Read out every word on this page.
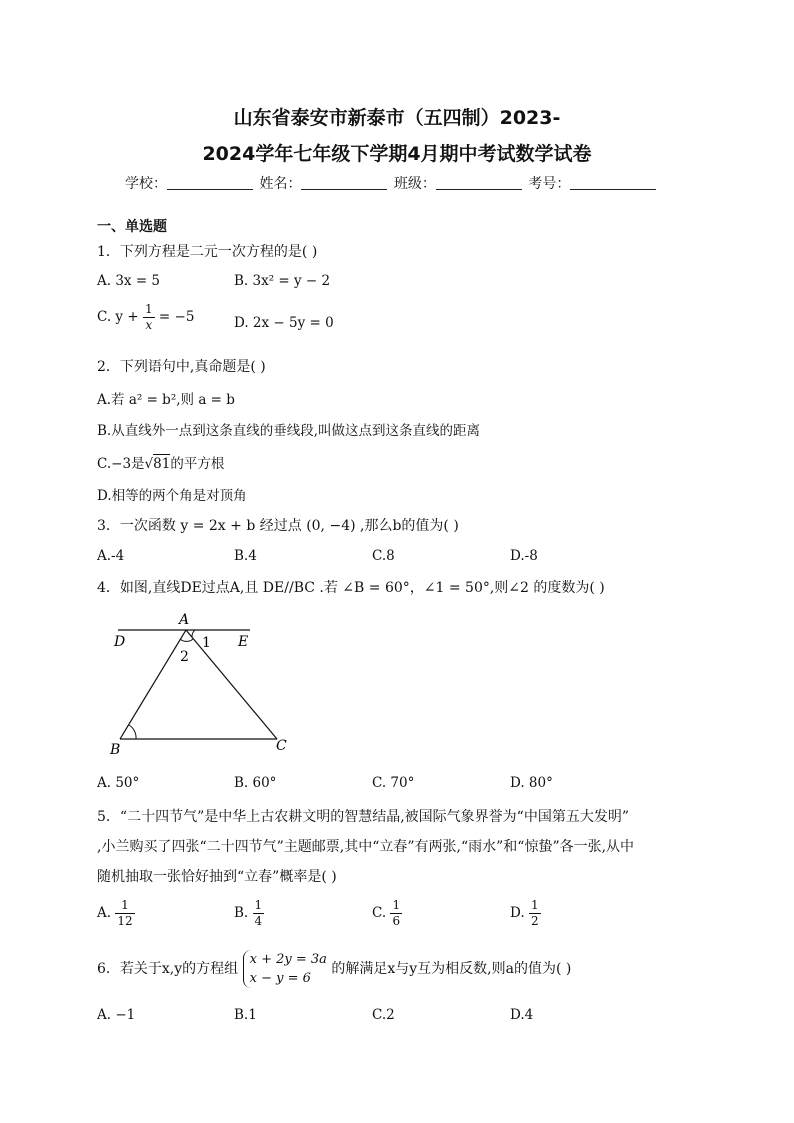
山东省泰安市新泰市（五四制）2023-
2024学年七年级下学期4月期中考试数学试卷
学校：	姓名：	班级：	考号：
一、单选题
1．下列方程是二元一次方程的是( )
A. 3x = 5	B. 3x² = y − 2
C. $y + \frac{1}{x} = -5$	D. 2x − 5y = 0
2．下列语句中,真命题是( )
A.若 a² = b²,则 a = b
B.从直线外一点到这条直线的垂线段,叫做这点到这条直线的距离
C.−3是√81的平方根
D.相等的两个角是对顶角
3．一次函数 y = 2x + b 经过点 (0, −4) ,那么b的值为( )
A.-4	B.4	C.8	D.-8
4．如图,直线DE过点A,且 DE//BC .若 ∠B = 60°，∠1 = 50°,则∠2 的度数为( )
A
D	E
1
2
B	C
A. 50°	B. 60°	C. 70°	D. 80°
5．“二十四节气”是中华上古农耕文明的智慧结晶,被国际气象界誉为“中国第五大发明”
,小兰购买了四张“二十四节气”主题邮票,其中“立春”有两张,“雨水”和“惊蛰”各一张,从中
随机抽取一张恰好抽到“立春”概率是( )
A. $\frac{1}{12}$	B. $\frac{1}{4}$	C. $\frac{1}{6}$	D. $\frac{1}{2}$
6．若关于x,y的方程组
x + 2y = 3a
x − y = 6
的解满足x与y互为相反数,则a的值为( )
A. −1	B.1	C.2	D.4
